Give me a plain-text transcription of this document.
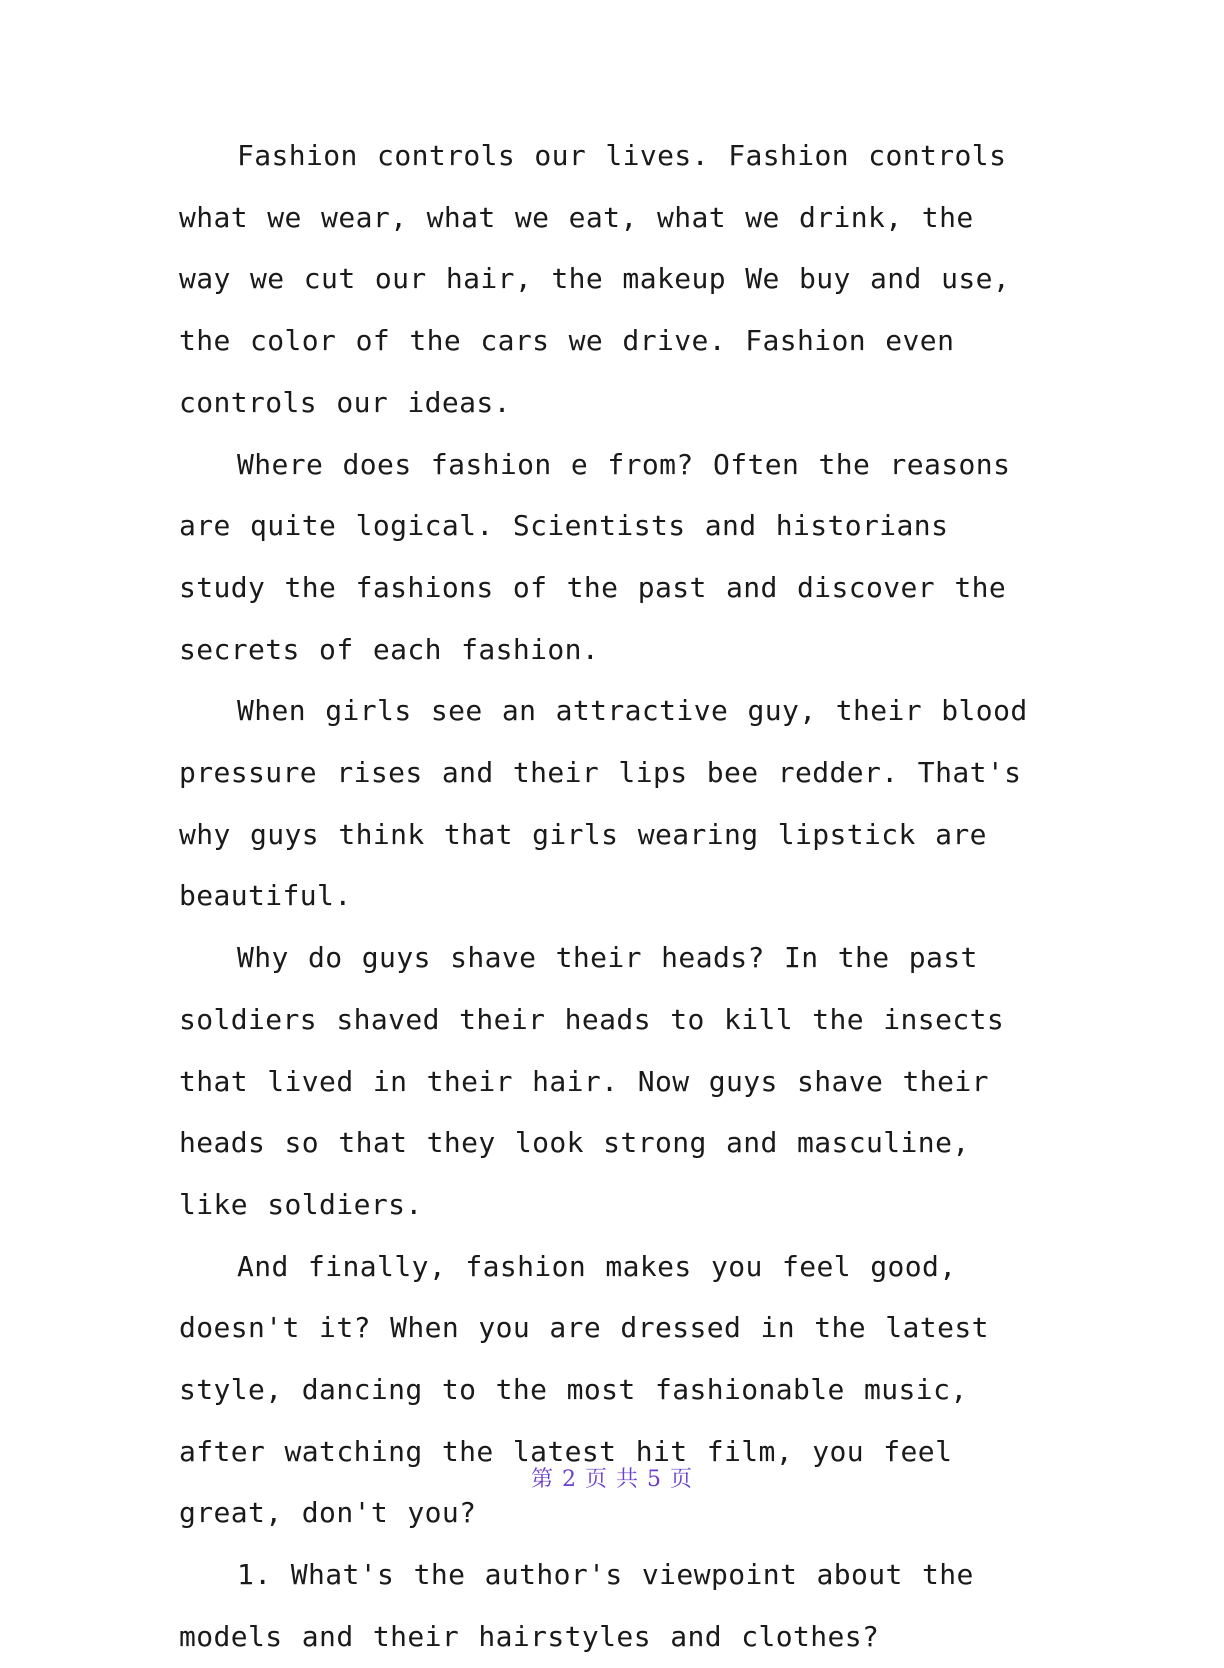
Fashion controls our lives. Fashion controls what we wear, what we eat, what we drink, the way we cut our hair, the makeup We buy and use, the color of the cars we drive. Fashion even controls our ideas.

Where does fashion e from? Often the reasons are quite logical. Scientists and historians study the fashions of the past and discover the secrets of each fashion.

When girls see an attractive guy, their blood pressure rises and their lips bee redder. That's why guys think that girls wearing lipstick are beautiful.

Why do guys shave their heads? In the past soldiers shaved their heads to kill the insects that lived in their hair. Now guys shave their heads so that they look strong and masculine, like soldiers.

And finally, fashion makes you feel good, doesn't it? When you are dressed in the latest style, dancing to the most fashionable music, after watching the latest hit film, you feel great, don't you?

1. What's the author's viewpoint about the models and their hairstyles and clothes?

第 2 页 共 5 页
